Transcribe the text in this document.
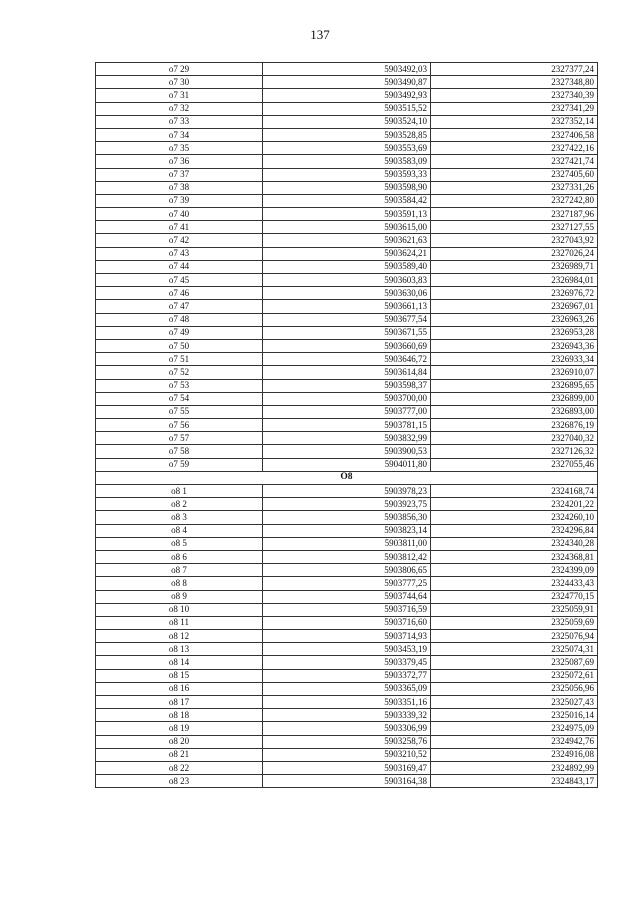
137
o7 29	5903492,03	2327377,24
o7 30	5903490,87	2327348,80
o7 31	5903492,93	2327340,39
o7 32	5903515,52	2327341,29
o7 33	5903524,10	2327352,14
o7 34	5903528,85	2327406,58
o7 35	5903553,69	2327422,16
o7 36	5903583,09	2327421,74
o7 37	5903593,33	2327405,60
o7 38	5903598,90	2327331,26
o7 39	5903584,42	2327242,80
o7 40	5903591,13	2327187,96
o7 41	5903615,00	2327127,55
o7 42	5903621,63	2327043,92
o7 43	5903624,21	2327026,24
o7 44	5903589,40	2326989,71
o7 45	5903603,83	2326984,01
o7 46	5903630,06	2326976,72
o7 47	5903661,13	2326967,01
o7 48	5903677,54	2326963,26
o7 49	5903671,55	2326953,28
o7 50	5903660,69	2326943,36
o7 51	5903646,72	2326933,34
o7 52	5903614,84	2326910,07
o7 53	5903598,37	2326895,65
o7 54	5903700,00	2326899,00
o7 55	5903777,00	2326893,00
o7 56	5903781,15	2326876,19
o7 57	5903832,99	2327040,32
o7 58	5903900,53	2327126,32
o7 59	5904011,80	2327055,46
O8		
o8 1	5903978,23	2324168,74
o8 2	5903923,75	2324201,22
o8 3	5903856,30	2324260,10
o8 4	5903823,14	2324296,84
o8 5	5903811,00	2324340,28
o8 6	5903812,42	2324368,81
o8 7	5903806,65	2324399,09
o8 8	5903777,25	2324433,43
o8 9	5903744,64	2324770,15
o8 10	5903716,59	2325059,91
o8 11	5903716,60	2325059,69
o8 12	5903714,93	2325076,94
o8 13	5903453,19	2325074,31
o8 14	5903379,45	2325087,69
o8 15	5903372,77	2325072,61
o8 16	5903365,09	2325056,96
o8 17	5903351,16	2325027,43
o8 18	5903339,32	2325016,14
o8 19	5903306,99	2324975,09
o8 20	5903258,76	2324942,76
o8 21	5903210,52	2324916,08
o8 22	5903169,47	2324892,99
o8 23	5903164,38	2324843,17
